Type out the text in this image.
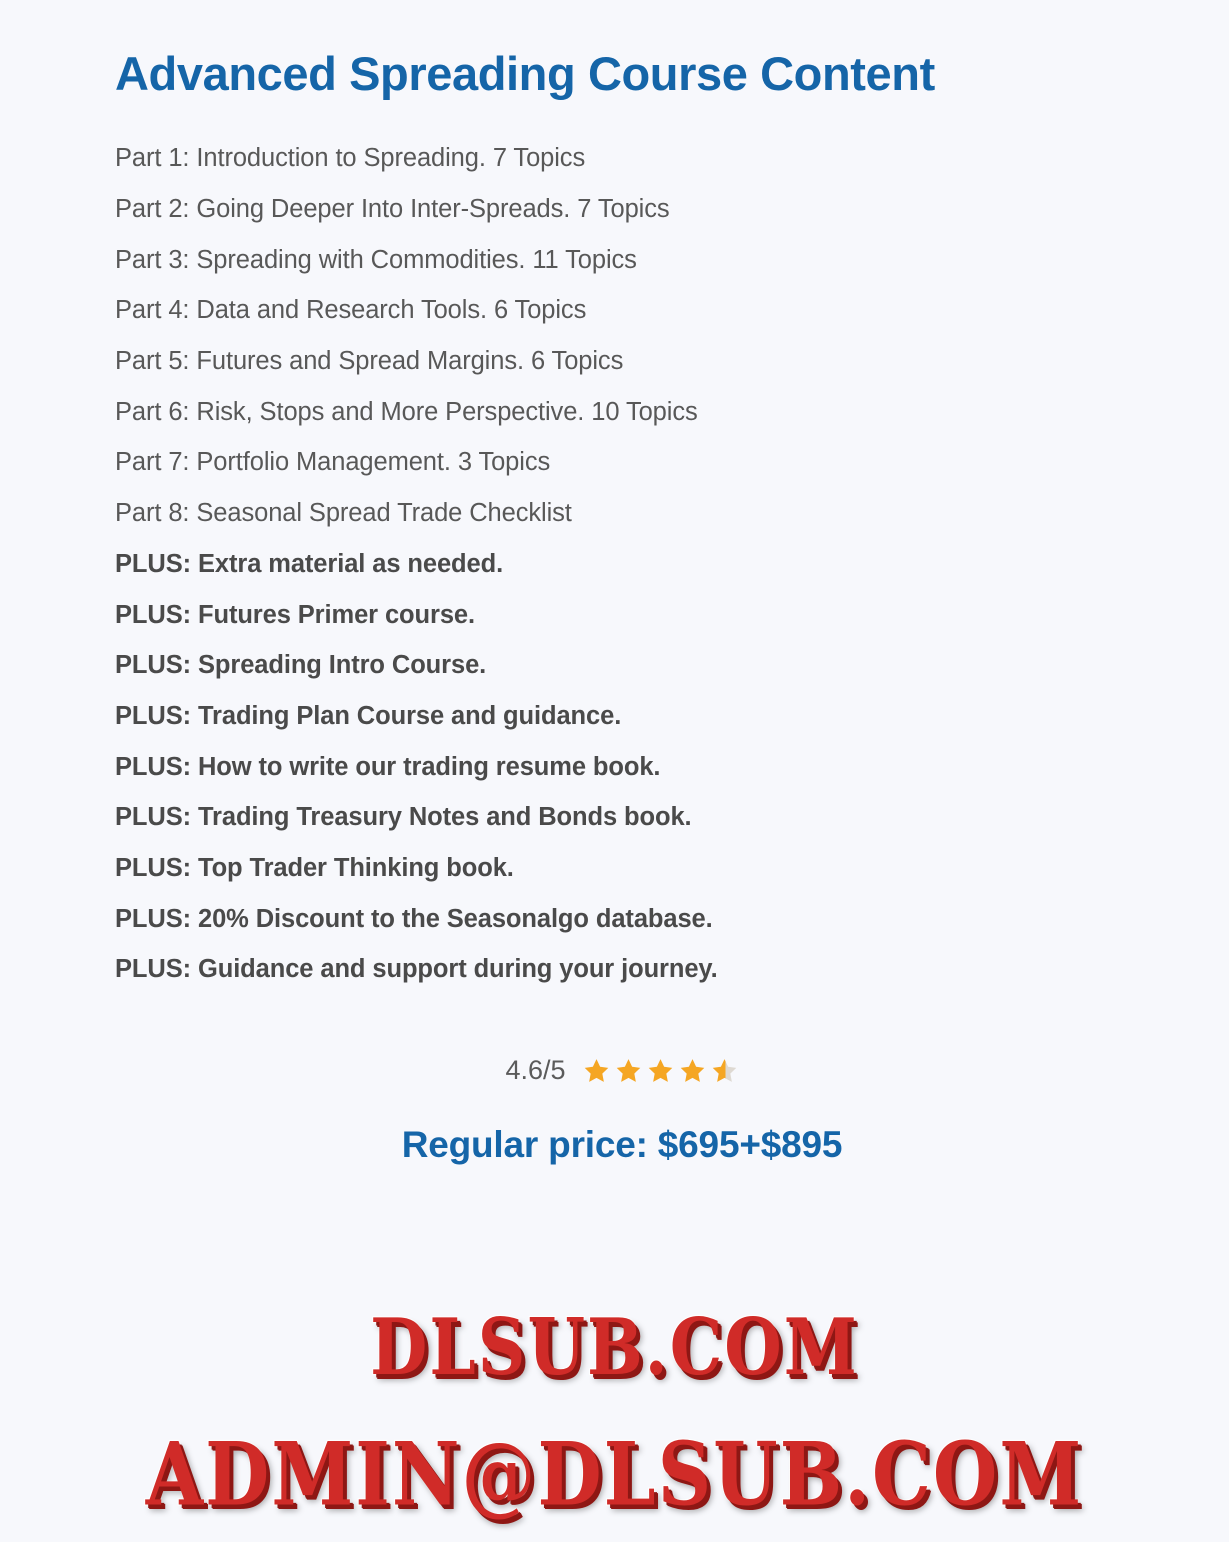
Advanced Spreading Course Content
Part 1: Introduction to Spreading. 7 Topics
Part 2: Going Deeper Into Inter-Spreads. 7 Topics
Part 3: Spreading with Commodities. 11 Topics
Part 4: Data and Research Tools. 6 Topics
Part 5: Futures and Spread Margins. 6 Topics
Part 6: Risk, Stops and More Perspective. 10 Topics
Part 7: Portfolio Management. 3 Topics
Part 8: Seasonal Spread Trade Checklist
PLUS: Extra material as needed.
PLUS: Futures Primer course.
PLUS: Spreading Intro Course.
PLUS: Trading Plan Course and guidance.
PLUS: How to write our trading resume book.
PLUS: Trading Treasury Notes and Bonds book.
PLUS: Top Trader Thinking book.
PLUS: 20% Discount to the Seasonalgo database.
PLUS: Guidance and support during your journey.
4.6/5
Regular price: $695+$895
DLSUB.COM
ADMIN@DLSUB.COM
